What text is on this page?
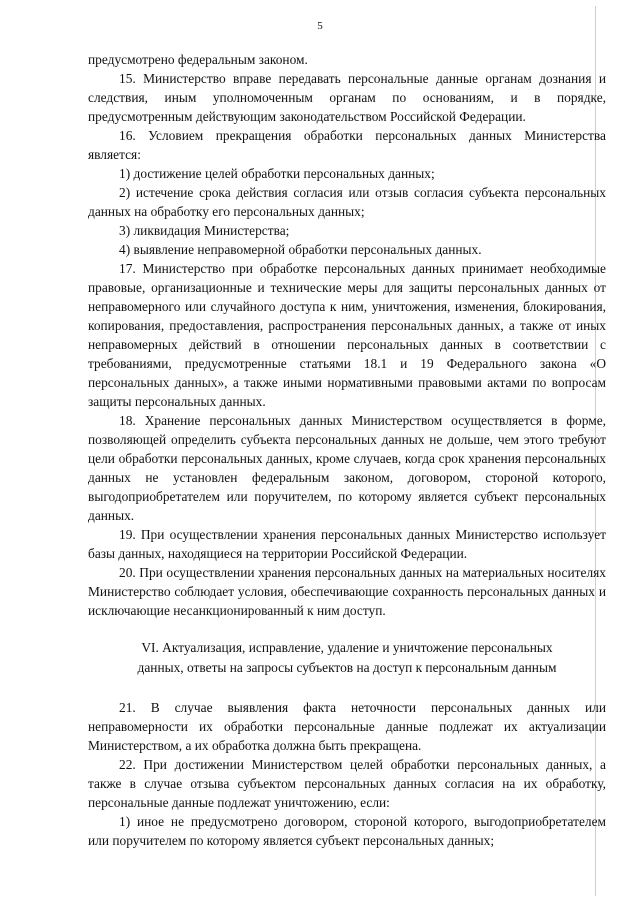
5

предусмотрено федеральным законом.

15. Министерство вправе передавать персональные данные органам дознания и следствия, иным уполномоченным органам по основаниям, и в порядке, предусмотренным действующим законодательством Российской Федерации.

16. Условием прекращения обработки персональных данных Министерства является:

1) достижение целей обработки персональных данных;

2) истечение срока действия согласия или отзыв согласия субъекта персональных данных на обработку его персональных данных;

3) ликвидация Министерства;

4) выявление неправомерной обработки персональных данных.

17. Министерство при обработке персональных данных принимает необходимые правовые, организационные и технические меры для защиты персональных данных от неправомерного или случайного доступа к ним, уничтожения, изменения, блокирования, копирования, предоставления, распространения персональных данных, а также от иных неправомерных действий в отношении персональных данных в соответствии с требованиями, предусмотренные статьями 18.1 и 19 Федерального закона «О персональных данных», а также иными нормативными правовыми актами по вопросам защиты персональных данных.

18. Хранение персональных данных Министерством осуществляется в форме, позволяющей определить субъекта персональных данных не дольше, чем этого требуют цели обработки персональных данных, кроме случаев, когда срок хранения персональных данных не установлен федеральным законом, договором, стороной которого, выгодоприобретателем или поручителем, по которому является субъект персональных данных.

19. При осуществлении хранения персональных данных Министерство использует базы данных, находящиеся на территории Российской Федерации.

20. При осуществлении хранения персональных данных на материальных носителях Министерство соблюдает условия, обеспечивающие сохранность персональных данных и исключающие несанкционированный к ним доступ.

VI. Актуализация, исправление, удаление и уничтожение персональных
данных, ответы на запросы субъектов на доступ к персональным данным

21. В случае выявления факта неточности персональных данных или неправомерности их обработки персональные данные подлежат их актуализации Министерством, а их обработка должна быть прекращена.

22. При достижении Министерством целей обработки персональных данных, а также в случае отзыва субъектом персональных данных согласия на их обработку, персональные данные подлежат уничтожению, если:

1) иное не предусмотрено договором, стороной которого, выгодоприобретателем или поручителем по которому является субъект персональных данных;
